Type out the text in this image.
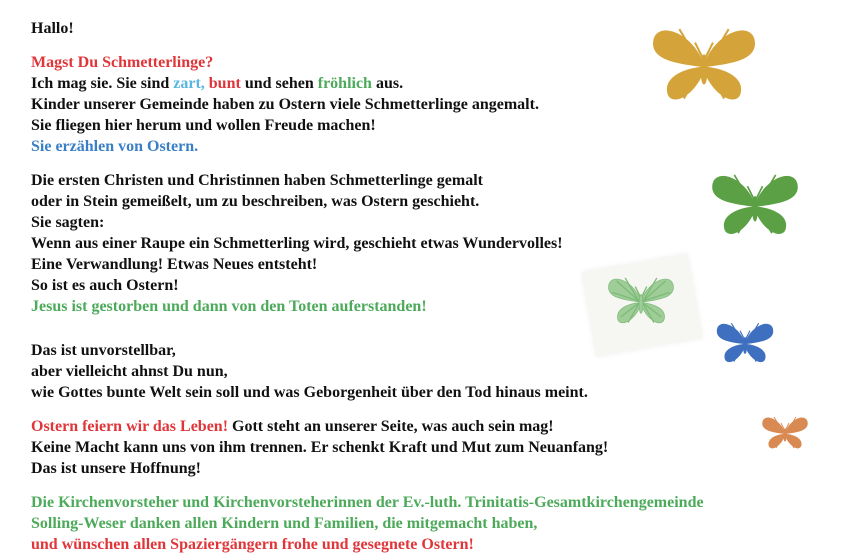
Hallo!
Magst Du Schmetterlinge?
Ich mag sie. Sie sind zart, bunt und sehen fröhlich aus.
Kinder unserer Gemeinde haben zu Ostern viele Schmetterlinge angemalt.
Sie fliegen hier herum und wollen Freude machen!
Sie erzählen von Ostern.
Die ersten Christen und Christinnen haben Schmetterlinge gemalt
oder in Stein gemeißelt, um zu beschreiben, was Ostern geschieht.
Sie sagten:
Wenn aus einer Raupe ein Schmetterling wird, geschieht etwas Wundervolles!
Eine Verwandlung! Etwas Neues entsteht!
So ist es auch Ostern!
Jesus ist gestorben und dann von den Toten auferstanden!
Das ist unvorstellbar,
aber vielleicht ahnst Du nun,
wie Gottes bunte Welt sein soll und was Geborgenheit über den Tod hinaus meint.
Ostern feiern wir das Leben! Gott steht an unserer Seite, was auch sein mag!
Keine Macht kann uns von ihm trennen. Er schenkt Kraft und Mut zum Neuanfang!
Das ist unsere Hoffnung!
Die Kirchenvorsteher und Kirchenvorsteherinnen der Ev.-luth. Trinitatis-Gesamtkirchengemeinde
Solling-Weser danken allen Kindern und Familien, die mitgemacht haben,
und wünschen allen Spaziergängern frohe und gesegnete Ostern!
